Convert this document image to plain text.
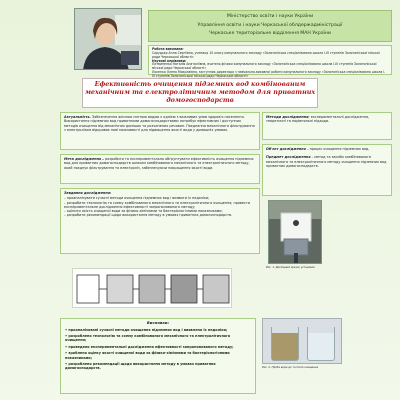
Міністерство освіти і науки України
Управління освіти і науки Черкаської облдержадміністрації
Черкаське територіальне відділення МАН України
Робота виконана:
Сорудько Анна Сергіївна, учениця 10 класу комунального закладу «Золотоніська спеціалізована школа І-ІІІ ступенів Золотоніської міської ради Черкаської області»
Наукові керівники:
Литвиненко Наталія Анатоліївна, вчитель фізики комунального закладу «Золотоніська спеціалізована школа І-ІІІ ступенів Золотоніської міської ради Черкаської області»
Лисенко Олена Миколаївна, заступник директора з навчально-виховної роботи комунального закладу «Золотоніська спеціалізована школа І-ІІІ ступенів Золотоніської міської ради Черкаської області»
Ефективність очищення підземних вод комбінованим механічним та електролітичним методом для приватних домогосподарств
Актуальність. Забезпечення якісною питною водою є однією з важливих умов здоров'я населення. Використання підземних вод приватними домогосподарствами потребує ефективних і доступних методів очищення від механічних домішок та розчинених речовин. Поєднання механічного фільтрування з електролізом відкриває нові можливості для підвищення якості води у домашніх умовах.
Методи дослідження: експериментальні дослідження, теоретичні та порівняльні підходи.
Мета дослідження – розробити та експериментально обґрунтувати ефективність очищення підземних вод для приватних домогосподарств шляхом комбінованого механічного та електролітичного методу, який поєднує фільтрування та електроліз, забезпечуючи покращення якості води.
Об'єкт дослідження – процес очищення підземних вод.
Предмет дослідження – метод та засоби комбінованого механічного та електролітичного методу очищення підземних вод приватних домогосподарств.
Завдання дослідження:
– проаналізувати сучасні методи очищення підземних вод і виявити їх недоліки;
– розробити технологію та схему комбінованого механічного та електролітичного очищення; провести експериментальне дослідження ефективності запропонованого методу;
– оцінити якість очищеної води за фізико-хімічними та бактеріологічними показниками;
– розробити рекомендації щодо використання методу в умовах приватних домогосподарств.
Рис. 1. Дослідний зразок установки
Рис. 2. Проба води до та після очищення
Висновки:

• проаналізовані сучасні методи очищення підземних вод і виявлено їх недоліки;

• розроблено технологію та схему комбінованого механічного та електролітичного очищення;

• проведено експериментальні дослідження ефективності запропонованого методу;

• зроблено оцінку якості очищеної води за фізико-хімічними та бактеріологічними показниками;

• розроблено рекомендації щодо використання методу в умовах приватних домогосподарств.
